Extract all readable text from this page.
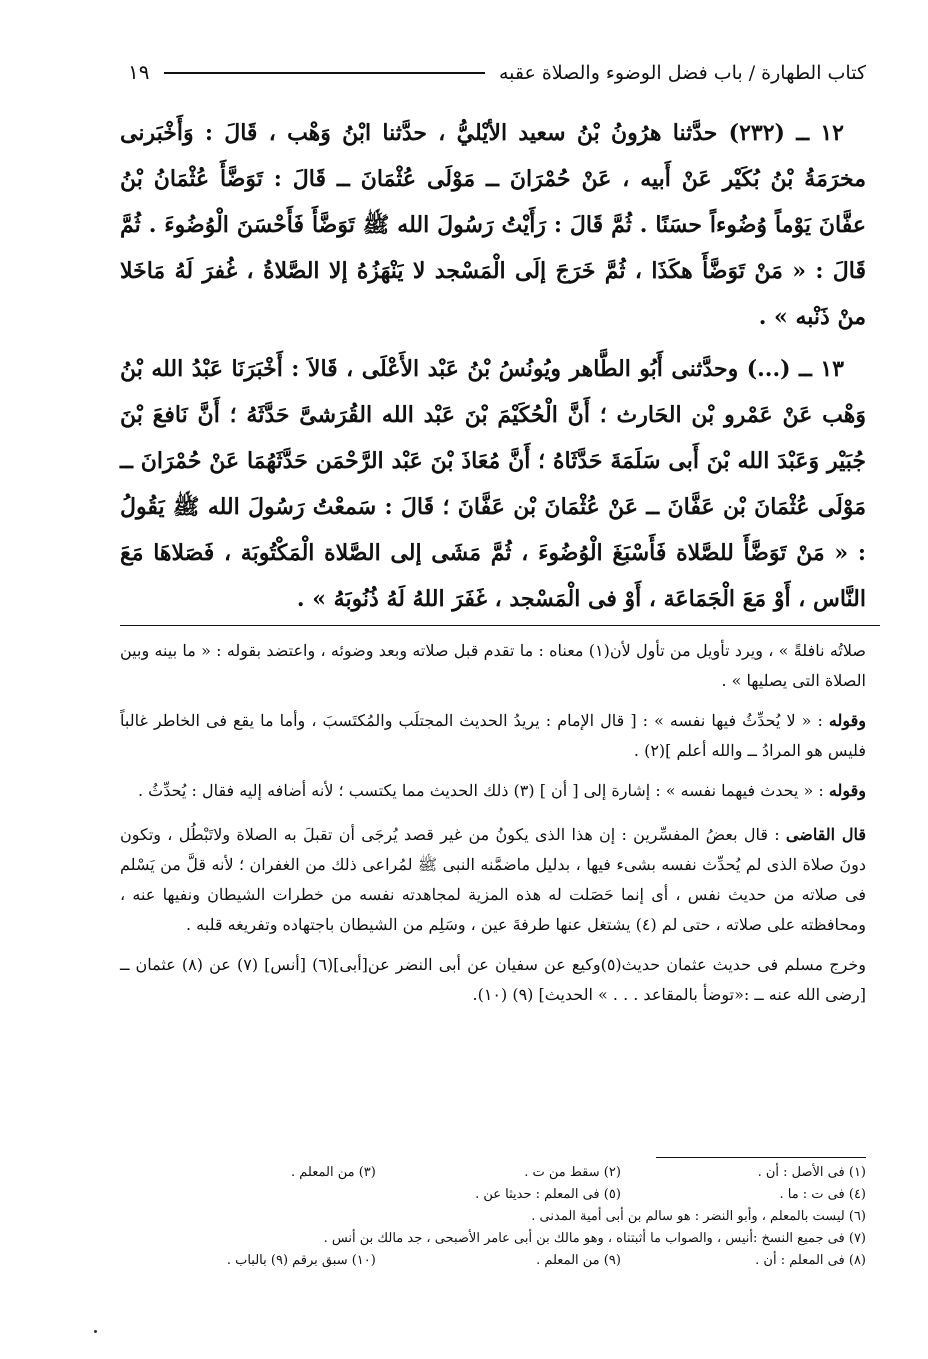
كتاب الطهارة / باب فضل الوضوء والصلاة عقبه
١٩

١٢ ــ (٢٣٢) حدَّثنا هرُونُ بْنُ سعيد الأيْليُّ ، حدَّثنا ابْنُ وَهْب ، قَالَ : وَأَخْبَرنى مخرَمَةُ بْنُ بُكَيْر عَنْ أَبيه ، عَنْ حُمْرَانَ ــ مَوْلَى عُثْمَانَ ــ قَالَ : تَوَضَّأَ عُثْمَانُ بْنُ عفَّانَ يَوْماً وُضُوءاً حسَنًا . ثُمَّ قَالَ : رَأَيْتُ رَسُولَ الله ﷺ تَوَضَّأَ فَأَحْسَنَ الْوُضُوءَ . ثُمَّ قَالَ : « مَنْ تَوَضَّأَ هكَذَا ، ثُمَّ خَرَجَ إلَى الْمَسْجد لا يَنْهَزُهُ إلا الصَّلاةُ ، غُفرَ لَهُ مَاخَلا منْ ذَنْبه » .

١٣ ــ (...) وحدَّثنى أَبُو الطَّاهر ويُونُسُ بْنُ عَبْد الأَعْلَى ، قَالاَ : أَخْبَرَنَا عَبْدُ الله بْنُ وَهْب عَنْ عَمْرو بْن الحَارث ؛ أَنَّ الْحُكَيْمَ بْنَ عَبْد الله القُرَشىَّ حَدَّثَهُ ؛ أَنَّ نَافعَ بْنَ جُبَيْر وَعَبْدَ الله بْنَ أَبى سَلَمَةَ حَدَّثَاهُ ؛ أَنَّ مُعَاذَ بْنَ عَبْد الرَّحْمَن حَدَّثَهُمَا عَنْ حُمْرَانَ ــ مَوْلَى عُثْمَانَ بْن عَفَّانَ ــ عَنْ عُثْمَانَ بْن عَفَّانَ ؛ قَالَ : سَمعْتُ رَسُولَ الله ﷺ يَقُولُ : « مَنْ تَوَضَّأَ للصَّلاة فَأَسْبَغَ الْوُضُوءَ ، ثُمَّ مَشَى إلى الصَّلاة الْمَكْتُوبَة ، فَصَلاهَا مَعَ النَّاس ، أَوْ مَعَ الْجَمَاعَة ، أَوْ فى الْمَسْجد ، غَفَرَ اللهُ لَهُ ذُنُوبَهُ » .

صلاتُه نافلةً » ، ويرد تأويل من تأول لأن(١) معناه : ما تقدم قبل صلاته وبعد وضوئه ، واعتضد بقوله : « ما بينه وبين الصلاة التى يصليها » .

وقوله : « لا يُحدِّثُ فيها نفسه » : [ قال الإمام : يريدُ الحديث المجتلَب والمُكتَسبَ ، وأما ما يقع فى الخاطر غالباً فليس هو المرادُ ــ والله أعلم ](٢) .

وقوله : « يحدث فيهما نفسه » : إشارة إلى [ أن ] (٣) ذلك الحديث مما يكتسب ؛ لأنه أضافه إليه فقال : يُحدِّثُ .

قال القاضى : قال بعضُ المفسِّرين : إن هذا الذى يكونُ من غير قصد يُرجَى أن تقبلَ به الصلاة ولاتَبْطُل ، وتكون دونَ صلاة الذى لم يُحدِّث نفسه بشىء فيها ، بدليل ماضمَّنه النبى ﷺ لمُراعى ذلك من الغفران ؛ لأنه قلَّ من يَسْلم فى صلاته من حديث نفس ، أى إنما حَصَلت له هذه المزية لمجاهدته نفسه من خطرات الشيطان ونفيها عنه ، ومحافظته على صلاته ، حتى لم (٤) يشتغل عنها طرفةَ عين ، وسَلِم من الشيطان باجتهاده وتفريغه قلبه .

وخرج مسلم فى حديث عثمان حديث(٥)وكيع عن سفيان عن أبى النضر عن[أبى](٦) [أنس] (٧) عن (٨) عثمان ــ [رضى الله عنه ــ :«توضأ بالمقاعد . . . » الحديث] (٩) (١٠).

(١) فى الأصل : أن .
(٢) سقط من ت .
(٣) من المعلم .
(٤) فى ت : ما .
(٥) فى المعلم : حديثا عن .
(٦) ليست بالمعلم ، وأبو النضر : هو سالم بن أبى أمية المدنى .
(٧) فى جميع النسخ :أنيس ، والصواب ما أثبتناه ، وهو مالك بن أبى عامر الأصبحى ، جد مالك بن أنس .
(٨) فى المعلم : أن .
(٩) من المعلم .
(١٠) سبق برقم (٩) بالباب .
